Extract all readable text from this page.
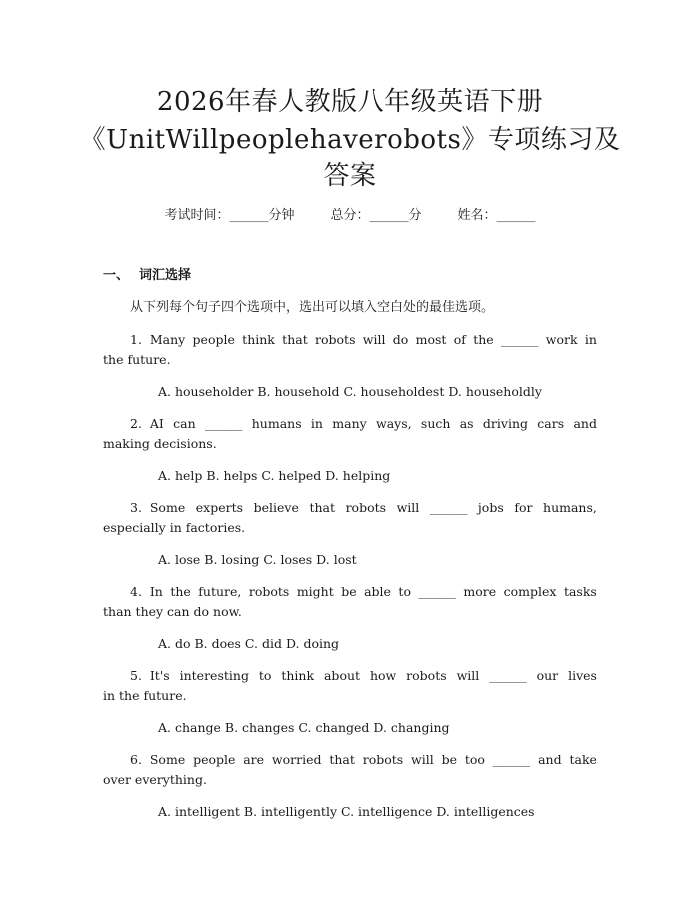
2026年春人教版八年级英语下册
《UnitWillpeoplehaverobots》专项练习及
答案
考试时间：______分钟	总分：______分	姓名：______
一、 词汇选择
从下列每个句子四个选项中，选出可以填入空白处的最佳选项。
1.  Many people think that robots will do most of the ______ work in
the future.
A. householder B. household C. householdest D. householdly
2.  AI can ______ humans in many ways, such as driving cars and
making decisions.
A. help B. helps C. helped D. helping
3.  Some experts believe that robots will ______ jobs for humans,
especially in factories.
A. lose B. losing C. loses D. lost
4.  In the future, robots might be able to ______ more complex tasks
than they can do now.
A. do B. does C. did D. doing
5.  It's interesting to think about how robots will ______ our lives
in the future.
A. change B. changes C. changed D. changing
6.  Some people are worried that robots will be too ______ and take
over everything.
A. intelligent B. intelligently C. intelligence D. intelligences
